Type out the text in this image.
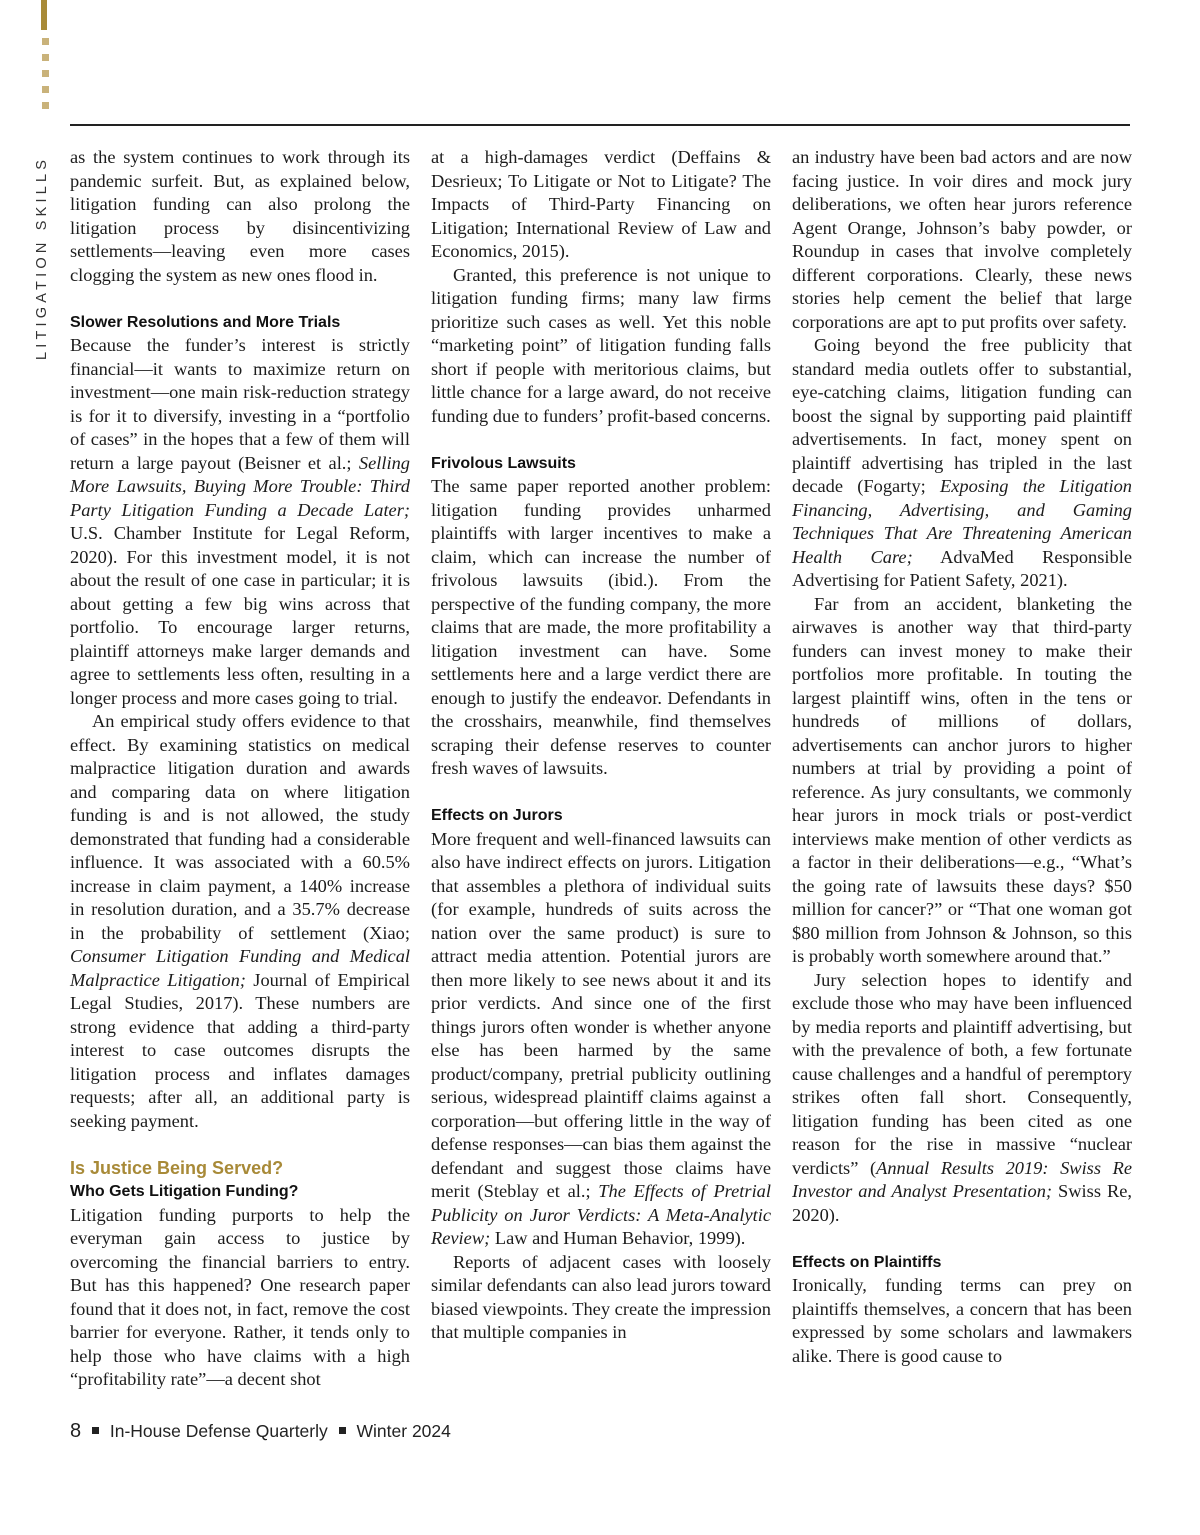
LITIGATION SKILLS as the system continues to work through its pandemic surfeit. But, as explained below, litigation funding can also prolong the litigation process by disincentivizing settlements—leaving even more cases clogging the system as new ones flood in.

Slower Resolutions and More Trials

Because the funder’s interest is strictly financial—it wants to maximize return on investment—one main risk-reduction strategy is for it to diversify, investing in a “portfolio of cases” in the hopes that a few of them will return a large payout (Beisner et al.; Selling More Lawsuits, Buying More Trouble: Third Party Litigation Funding a Decade Later; U.S. Chamber Institute for Legal Reform, 2020). For this investment model, it is not about the result of one case in particular; it is about getting a few big wins across that portfolio. To encourage larger returns, plaintiff attorneys make larger demands and agree to settlements less often, resulting in a longer process and more cases going to trial.

An empirical study offers evidence to that effect. By examining statistics on medical malpractice litigation duration and awards and comparing data on where litigation funding is and is not allowed, the study demonstrated that funding had a considerable influence. It was associated with a 60.5% increase in claim payment, a 140% increase in resolution duration, and a 35.7% decrease in the probability of settlement (Xiao; Consumer Litigation Funding and Medical Malpractice Litigation; Journal of Empirical Legal Studies, 2017). These numbers are strong evidence that adding a third-party interest to case outcomes disrupts the litigation process and inflates damages requests; after all, an additional party is seeking payment.

Is Justice Being Served?
Who Gets Litigation Funding?

Litigation funding purports to help the everyman gain access to justice by overcoming the financial barriers to entry. But has this happened? One research paper found that it does not, in fact, remove the cost barrier for everyone. Rather, it tends only to help those who have claims with a high “profitability rate”—a decent shot

at a high-damages verdict (Deffains & Desrieux; To Litigate or Not to Litigate? The Impacts of Third-Party Financing on Litigation; International Review of Law and Economics, 2015).

Granted, this preference is not unique to litigation funding firms; many law firms prioritize such cases as well. Yet this noble “marketing point” of litigation funding falls short if people with meritorious claims, but little chance for a large award, do not receive funding due to funders’ profit-based concerns.

Frivolous Lawsuits

The same paper reported another problem: litigation funding provides unharmed plaintiffs with larger incentives to make a claim, which can increase the number of frivolous lawsuits (ibid.). From the perspective of the funding company, the more claims that are made, the more profitability a litigation investment can have. Some settlements here and a large verdict there are enough to justify the endeavor. Defendants in the crosshairs, meanwhile, find themselves scraping their defense reserves to counter fresh waves of lawsuits.

Effects on Jurors

More frequent and well-financed lawsuits can also have indirect effects on jurors. Litigation that assembles a plethora of individual suits (for example, hundreds of suits across the nation over the same product) is sure to attract media attention. Potential jurors are then more likely to see news about it and its prior verdicts. And since one of the first things jurors often wonder is whether anyone else has been harmed by the same product/company, pretrial publicity outlining serious, widespread plaintiff claims against a corporation—but offering little in the way of defense responses—can bias them against the defendant and suggest those claims have merit (Steblay et al.; The Effects of Pretrial Publicity on Juror Verdicts: A Meta-Analytic Review; Law and Human Behavior, 1999).

Reports of adjacent cases with loosely similar defendants can also lead jurors toward biased viewpoints. They create the impression that multiple companies in

an industry have been bad actors and are now facing justice. In voir dires and mock jury deliberations, we often hear jurors reference Agent Orange, Johnson’s baby powder, or Roundup in cases that involve completely different corporations. Clearly, these news stories help cement the belief that large corporations are apt to put profits over safety.

Going beyond the free publicity that standard media outlets offer to substantial, eye-catching claims, litigation funding can boost the signal by supporting paid plaintiff advertisements. In fact, money spent on plaintiff advertising has tripled in the last decade (Fogarty; Exposing the Litigation Financing, Advertising, and Gaming Techniques That Are Threatening American Health Care; AdvaMed Responsible Advertising for Patient Safety, 2021).

Far from an accident, blanketing the airwaves is another way that third-party funders can invest money to make their portfolios more profitable. In touting the largest plaintiff wins, often in the tens or hundreds of millions of dollars, advertisements can anchor jurors to higher numbers at trial by providing a point of reference. As jury consultants, we commonly hear jurors in mock trials or post-verdict interviews make mention of other verdicts as a factor in their deliberations—e.g., “What’s the going rate of lawsuits these days? $50 million for cancer?” or “That one woman got $80 million from Johnson & Johnson, so this is probably worth somewhere around that.”

Jury selection hopes to identify and exclude those who may have been influenced by media reports and plaintiff advertising, but with the prevalence of both, a few fortunate cause challenges and a handful of peremptory strikes often fall short. Consequently, litigation funding has been cited as one reason for the rise in massive “nuclear verdicts” (Annual Results 2019: Swiss Re Investor and Analyst Presentation; Swiss Re, 2020).

Effects on Plaintiffs

Ironically, funding terms can prey on plaintiffs themselves, a concern that has been expressed by some scholars and lawmakers alike. There is good cause to

8 In-House Defense Quarterly Winter 2024
